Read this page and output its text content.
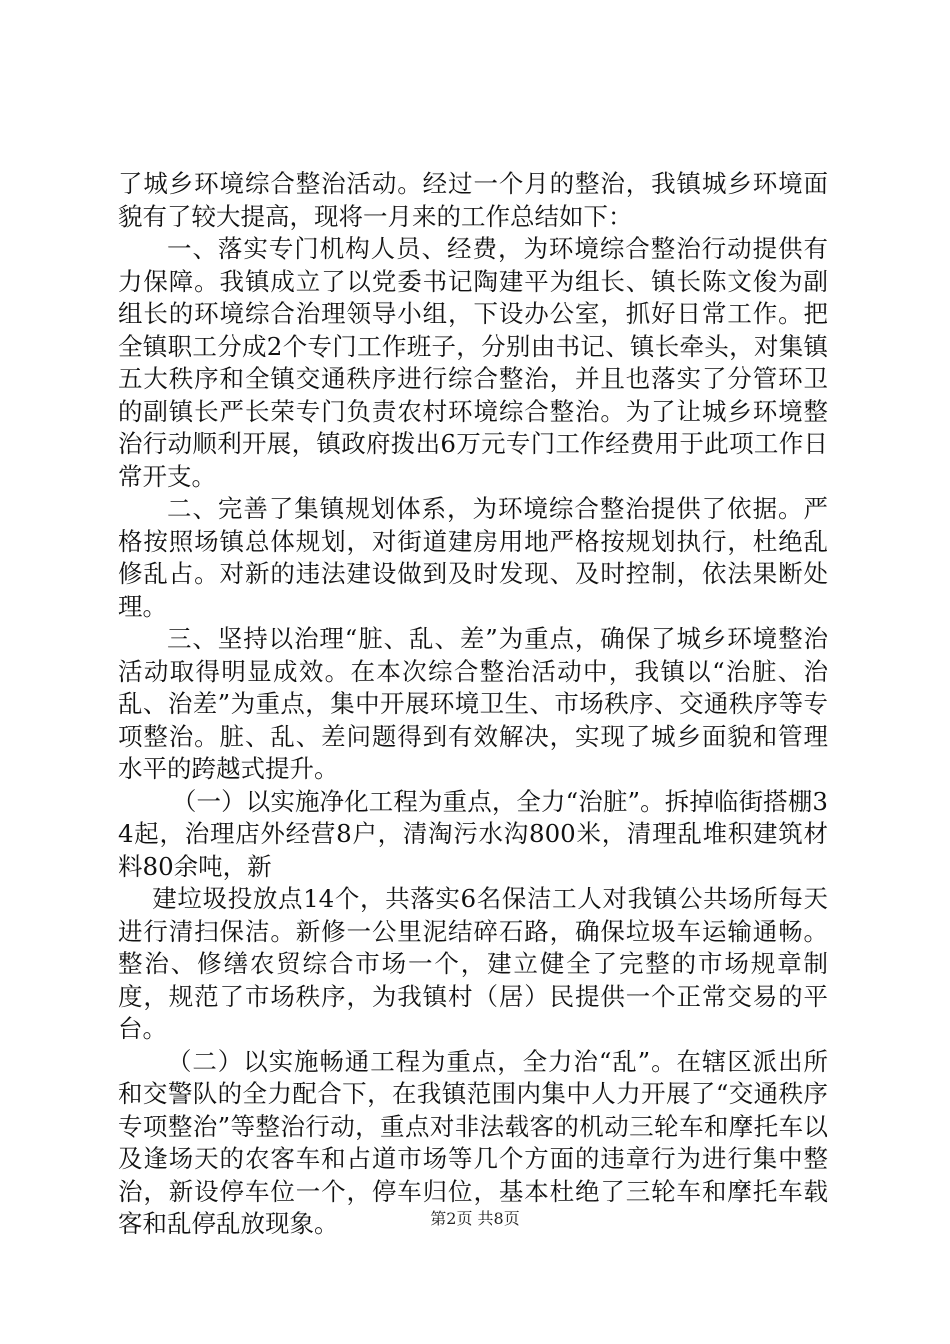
了城乡环境综合整治活动。经过一个月的整治，我镇城乡环境面貌有了较大提高，现将一月来的工作总结如下：

一、落实专门机构人员、经费，为环境综合整治行动提供有力保障。我镇成立了以党委书记陶建平为组长、镇长陈文俊为副组长的环境综合治理领导小组，下设办公室，抓好日常工作。把全镇职工分成2个专门工作班子，分别由书记、镇长牵头，对集镇五大秩序和全镇交通秩序进行综合整治，并且也落实了分管环卫的副镇长严长荣专门负责农村环境综合整治。为了让城乡环境整治行动顺利开展，镇政府拨出6万元专门工作经费用于此项工作日常开支。

二、完善了集镇规划体系，为环境综合整治提供了依据。严格按照场镇总体规划，对街道建房用地严格按规划执行，杜绝乱修乱占。对新的违法建设做到及时发现、及时控制，依法果断处理。

三、坚持以治理“脏、乱、差”为重点，确保了城乡环境整治活动取得明显成效。在本次综合整治活动中，我镇以“治脏、治乱、治差”为重点，集中开展环境卫生、市场秩序、交通秩序等专项整治。脏、乱、差问题得到有效解决，实现了城乡面貌和管理水平的跨越式提升。

（一）以实施净化工程为重点，全力“治脏”。拆掉临街搭棚34起，治理店外经营8户，清淘污水沟800米，清理乱堆积建筑材料80余吨，新

建垃圾投放点14个，共落实6名保洁工人对我镇公共场所每天进行清扫保洁。新修一公里泥结碎石路，确保垃圾车运输通畅。整治、修缮农贸综合市场一个，建立健全了完整的市场规章制度，规范了市场秩序，为我镇村（居）民提供一个正常交易的平台。

（二）以实施畅通工程为重点，全力治“乱”。在辖区派出所和交警队的全力配合下，在我镇范围内集中人力开展了“交通秩序专项整治”等整治行动，重点对非法载客的机动三轮车和摩托车以及逢场天的农客车和占道市场等几个方面的违章行为进行集中整治，新设停车位一个，停车归位，基本杜绝了三轮车和摩托车载客和乱停乱放现象。	第2页 共8页
